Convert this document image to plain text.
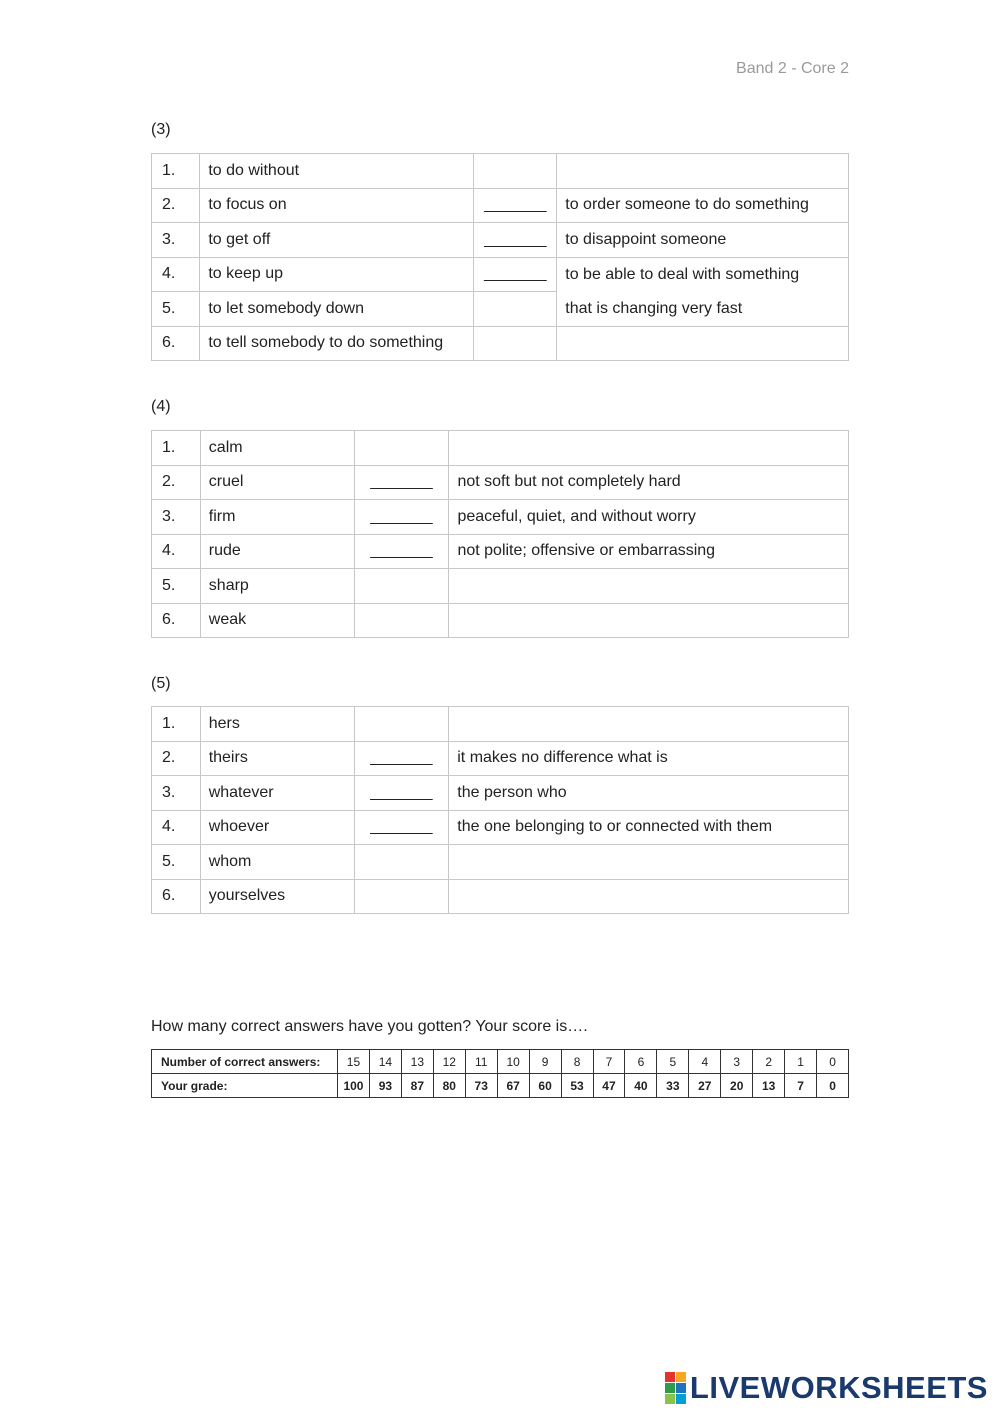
Band 2 - Core 2
(3)
1.	to do without		
2.	to focus on	_______	to order someone to do something
3.	to get off	_______	to disappoint someone
4.	to keep up	_______	to be able to deal with something
that is changing very fast

5.	to let somebody down		
6.	to tell somebody to do something		
(4)
1.	calm		
2.	cruel	_______	not soft but not completely hard
3.	firm	_______	peaceful, quiet, and without worry
4.	rude	_______	not polite; offensive or embarrassing
5.	sharp		
6.	weak		
(5)
1.	hers		
2.	theirs	_______	it makes no difference what is
3.	whatever	_______	the person who
4.	whoever	_______	the one belonging to or connected with them
5.	whom		
6.	yourselves		
How many correct answers have you gotten? Your score is….
Number of correct answers:	15	14	13	12	11	10	9	8	7	6	5	4	3	2	1	0
Your grade:	100	93	87	80	73	67	60	53	47	40	33	27	20	13	7	0
LIVEWORKSHEETS
